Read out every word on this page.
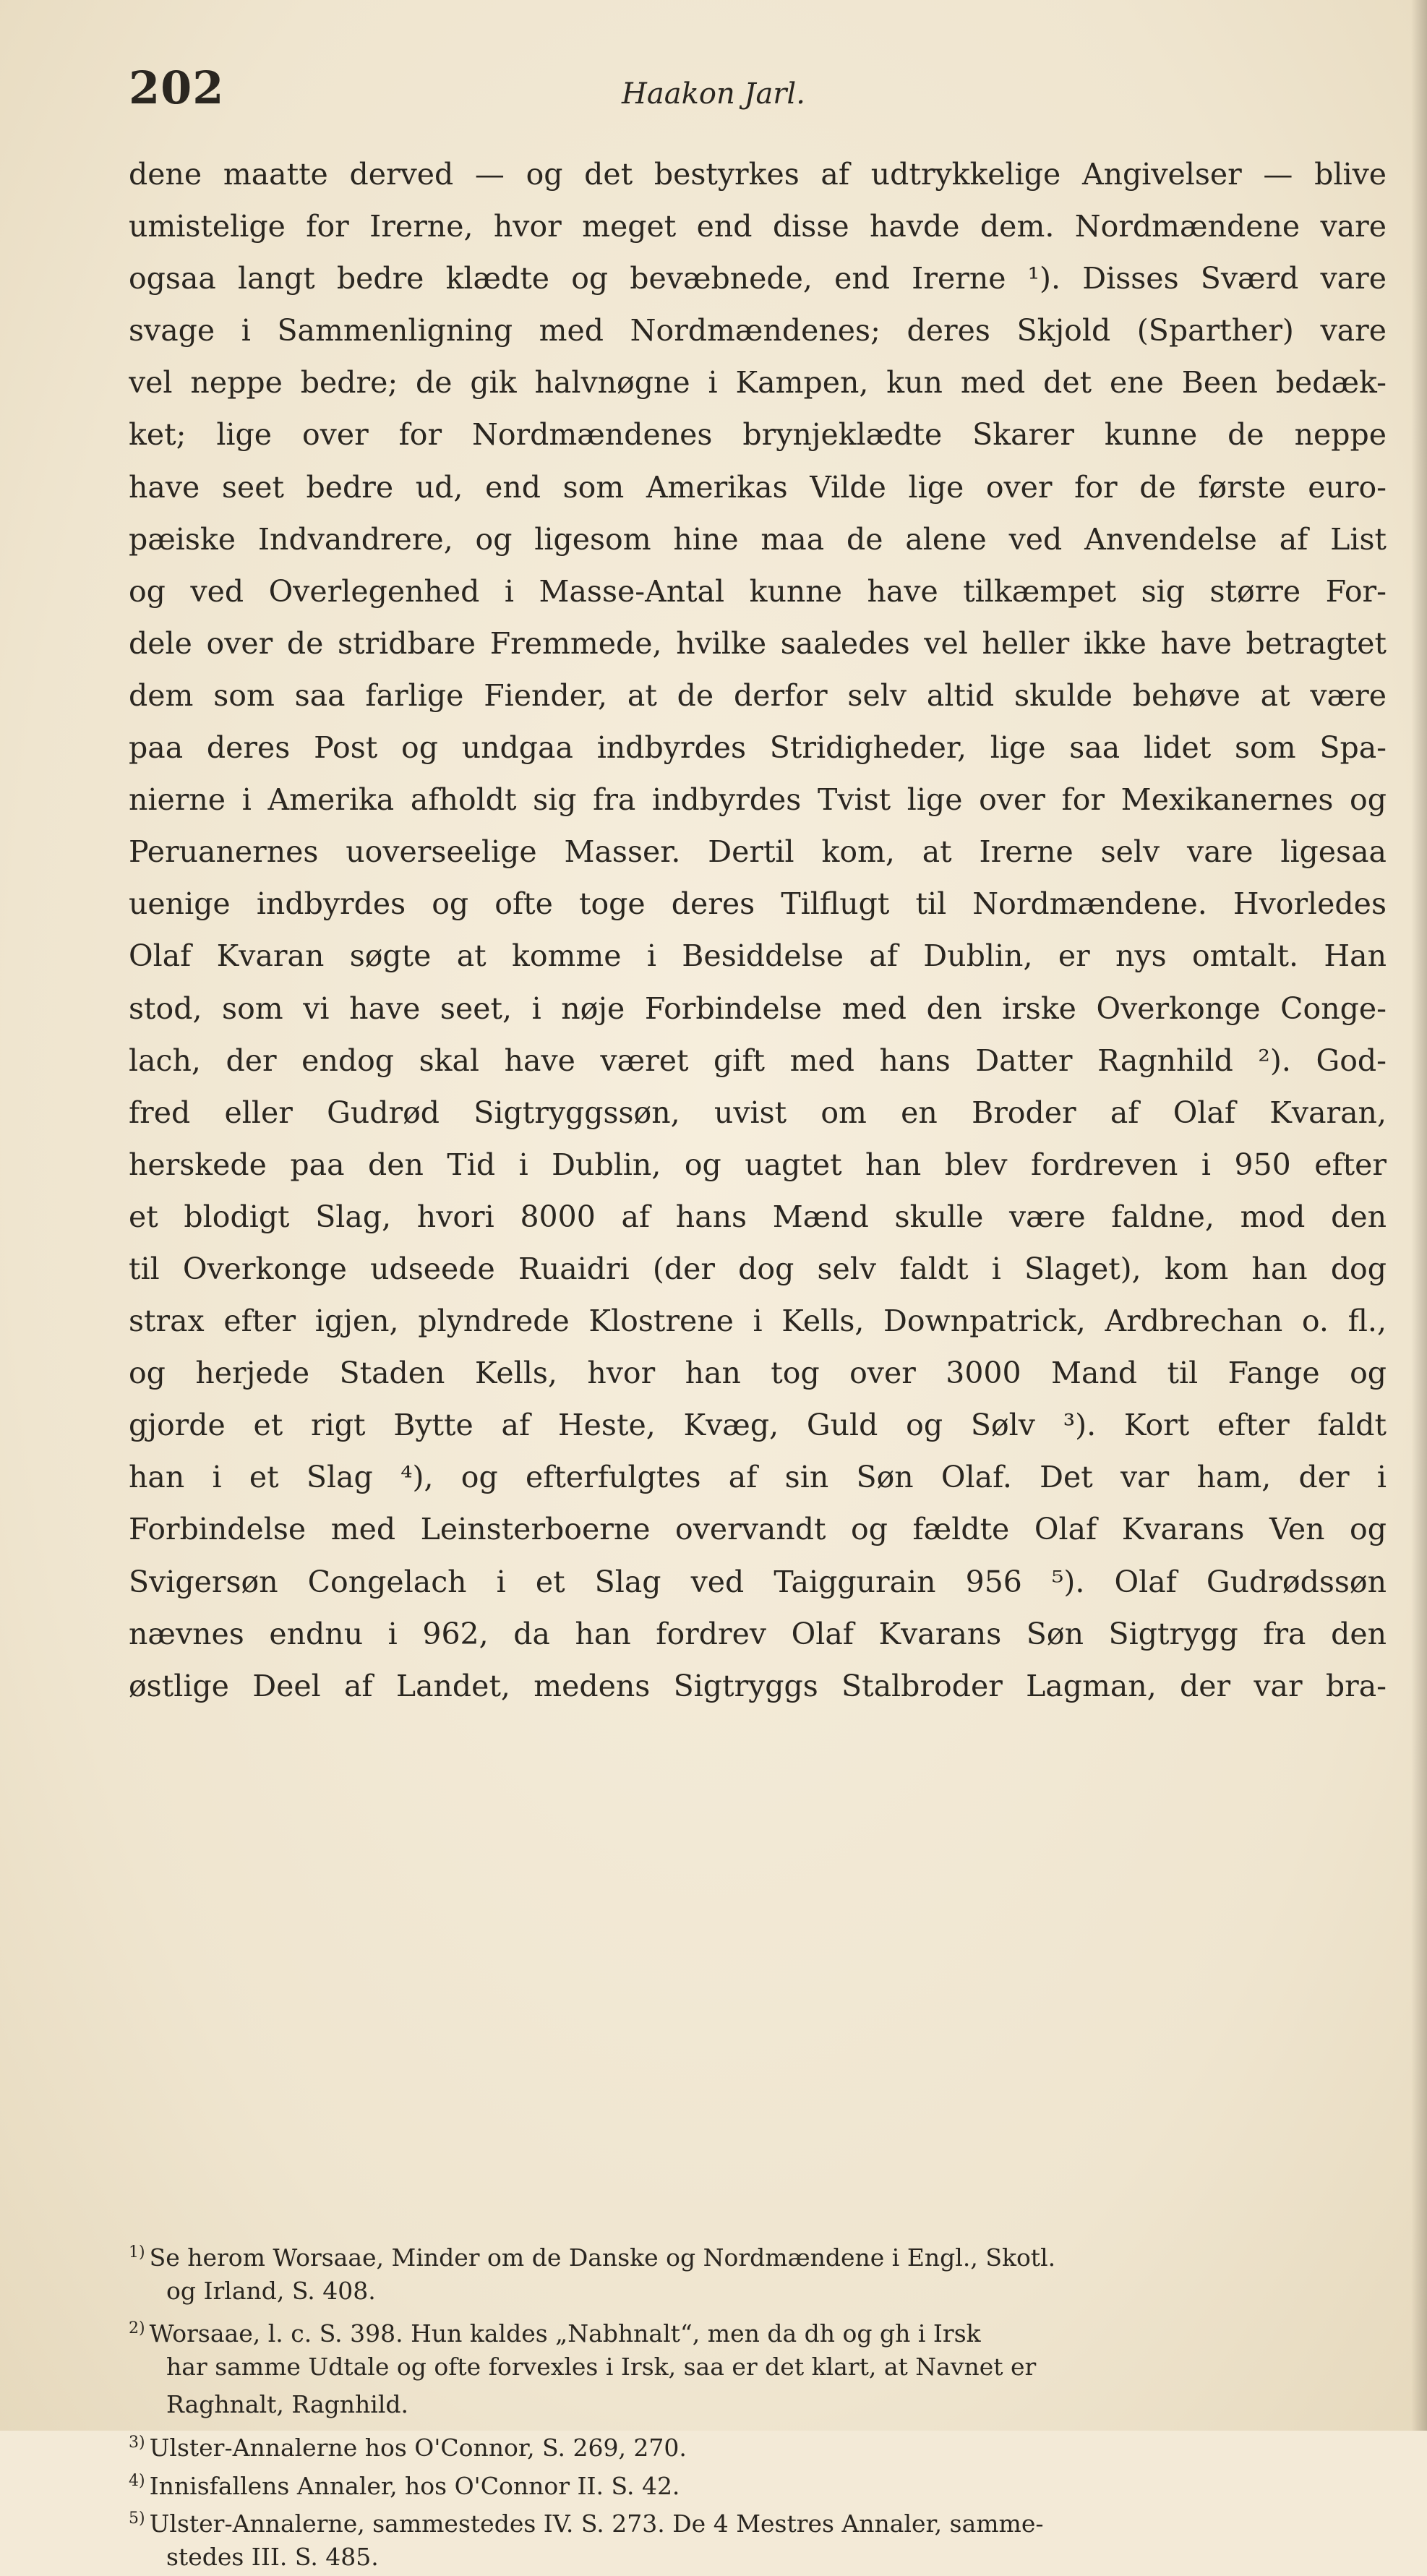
202	Haakon Jarl.
dene maatte derved — og det bestyrkes af udtrykkelige Angivelser — blive
umistelige for Irerne, hvor meget end disse havde dem. Nordmændene vare
ogsaa langt bedre klædte og bevæbnede, end Irerne ¹). Disses Sværd vare
svage i Sammenligning med Nordmændenes; deres Skjold (Sparther) vare
vel neppe bedre; de gik halvnøgne i Kampen, kun med det ene Been bedæk-
ket; lige over for Nordmændenes brynjeklædte Skarer kunne de neppe
have seet bedre ud, end som Amerikas Vilde lige over for de første euro-
pæiske Indvandrere, og ligesom hine maa de alene ved Anvendelse af List
og ved Overlegenhed i Masse-Antal kunne have tilkæmpet sig større For-
dele over de stridbare Fremmede, hvilke saaledes vel heller ikke have betragtet
dem som saa farlige Fiender, at de derfor selv altid skulde behøve at være
paa deres Post og undgaa indbyrdes Stridigheder, lige saa lidet som Spa-
nierne i Amerika afholdt sig fra indbyrdes Tvist lige over for Mexikanernes og
Peruanernes uoverseelige Masser. Dertil kom, at Irerne selv vare ligesaa
uenige indbyrdes og ofte toge deres Tilflugt til Nordmændene. Hvorledes
Olaf Kvaran søgte at komme i Besiddelse af Dublin, er nys omtalt. Han
stod, som vi have seet, i nøje Forbindelse med den irske Overkonge Conge-
lach, der endog skal have været gift med hans Datter Ragnhild ²). God-
fred eller Gudrød Sigtryggssøn, uvist om en Broder af Olaf Kvaran,
herskede paa den Tid i Dublin, og uagtet han blev fordreven i 950 efter
et blodigt Slag, hvori 8000 af hans Mænd skulle være faldne, mod den
til Overkonge udseede Ruaidri (der dog selv faldt i Slaget), kom han dog
strax efter igjen, plyndrede Klostrene i Kells, Downpatrick, Ardbrechan o. fl.,
og herjede Staden Kells, hvor han tog over 3000 Mand til Fange og
gjorde et rigt Bytte af Heste, Kvæg, Guld og Sølv ³). Kort efter faldt
han i et Slag ⁴), og efterfulgtes af sin Søn Olaf. Det var ham, der i
Forbindelse med Leinsterboerne overvandt og fældte Olaf Kvarans Ven og
Svigersøn Congelach i et Slag ved Taiggurain 956 ⁵). Olaf Gudrødssøn
nævnes endnu i 962, da han fordrev Olaf Kvarans Søn Sigtrygg fra den
østlige Deel af Landet, medens Sigtryggs Stalbroder Lagman, der var bra-
$^{1)}$ Se herom Worsaae, Minder om de Danske og Nordmændene i Engl., Skotl.
og Irland, S. 408.
$^{2)}$ Worsaae, l. c. S. 398. Hun kaldes „Nabhnalt“, men da dh og gh i Irsk
har samme Udtale og ofte forvexles i Irsk, saa er det klart, at Navnet er
Raghnalt, Ragnhild.
$^{3)}$ Ulster-Annalerne hos O'Connor, S. 269, 270.
$^{4)}$ Innisfallens Annaler, hos O'Connor II. S. 42.
$^{5)}$ Ulster-Annalerne, sammestedes IV. S. 273. De 4 Mestres Annaler, samme-
stedes III. S. 485.
